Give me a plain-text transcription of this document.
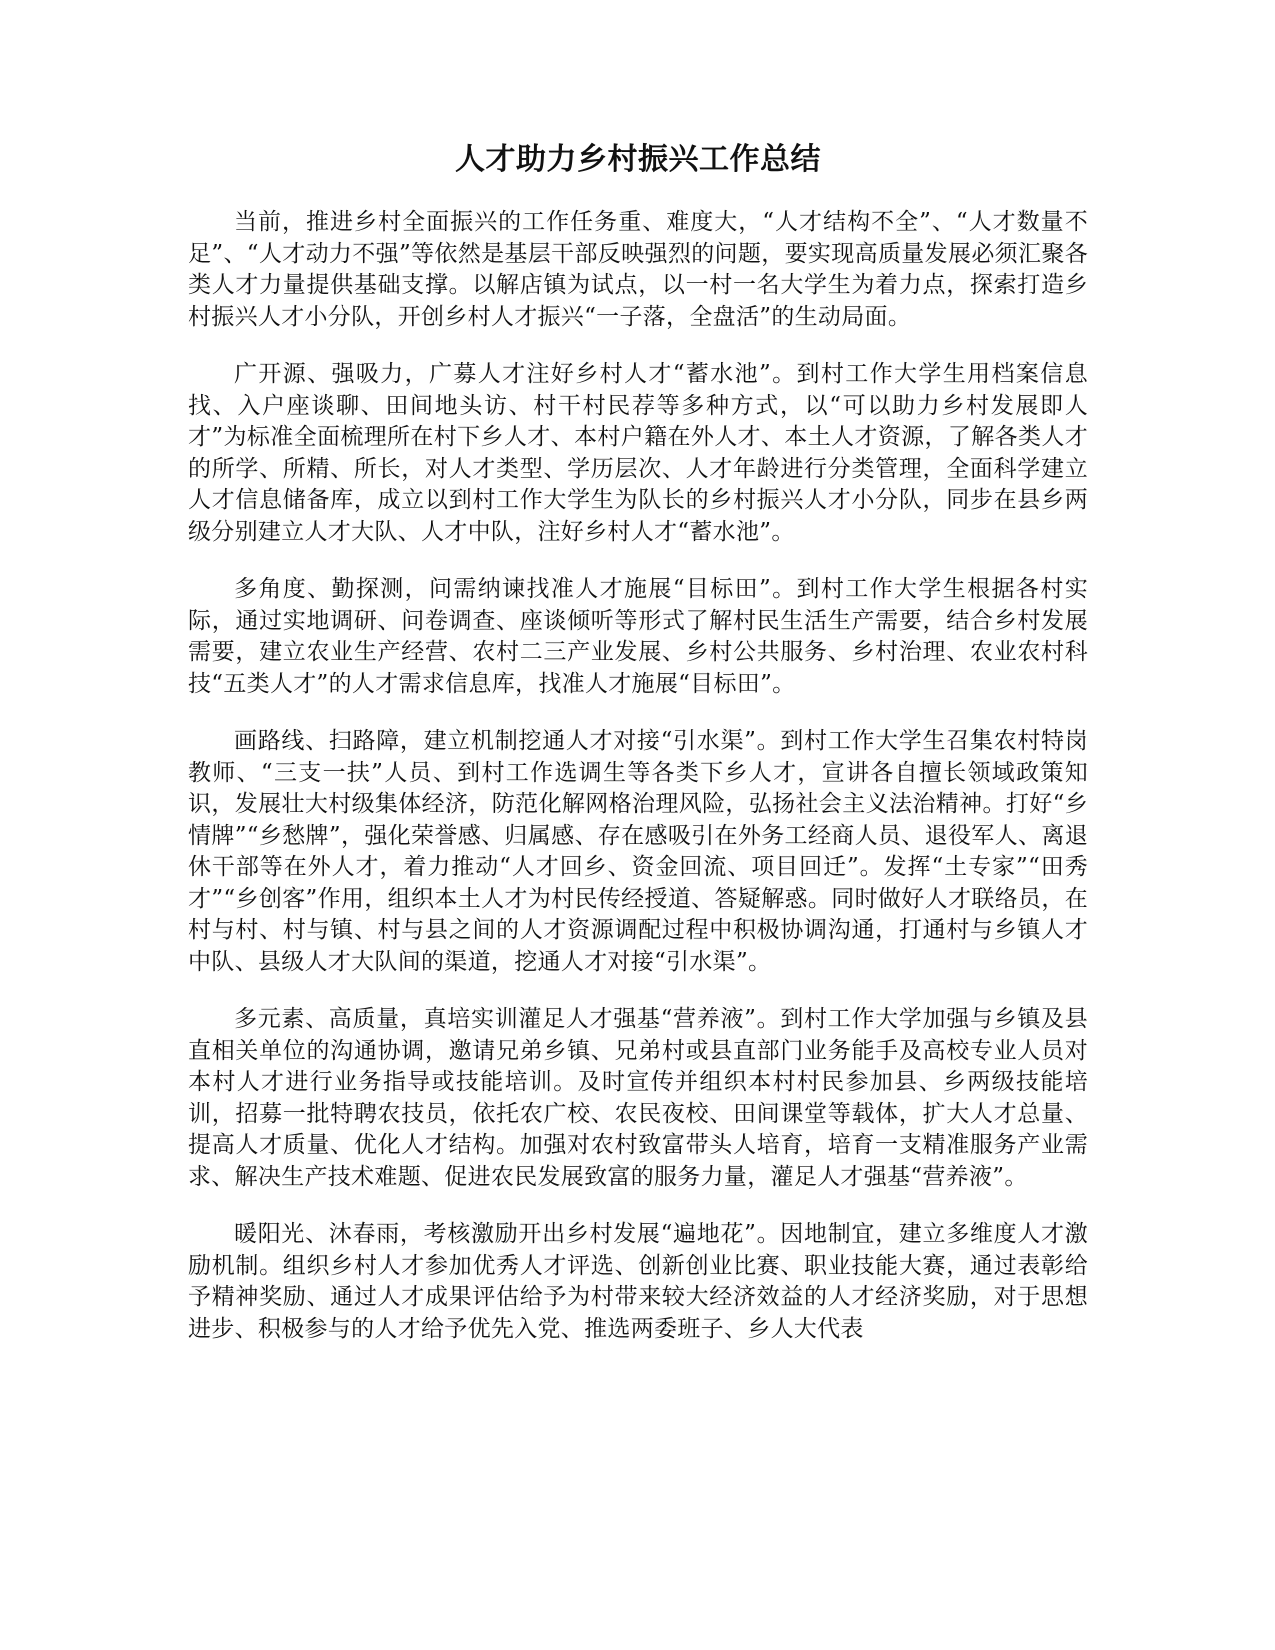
人才助力乡村振兴工作总结

当前，推进乡村全面振兴的工作任务重、难度大，“人才结构不全”、“人才数量不足”、“人才动力不强”等依然是基层干部反映强烈的问题，要实现高质量发展必须汇聚各类人才力量提供基础支撑。以解店镇为试点，以一村一名大学生为着力点，探索打造乡村振兴人才小分队，开创乡村人才振兴“一子落，全盘活”的生动局面。

广开源、强吸力，广募人才注好乡村人才“蓄水池”。到村工作大学生用档案信息找、入户座谈聊、田间地头访、村干村民荐等多种方式，以“可以助力乡村发展即人才”为标准全面梳理所在村下乡人才、本村户籍在外人才、本土人才资源，了解各类人才的所学、所精、所长，对人才类型、学历层次、人才年龄进行分类管理，全面科学建立人才信息储备库，成立以到村工作大学生为队长的乡村振兴人才小分队，同步在县乡两级分别建立人才大队、人才中队，注好乡村人才“蓄水池”。

多角度、勤探测，问需纳谏找准人才施展“目标田”。到村工作大学生根据各村实际，通过实地调研、问卷调查、座谈倾听等形式了解村民生活生产需要，结合乡村发展需要，建立农业生产经营、农村二三产业发展、乡村公共服务、乡村治理、农业农村科技“五类人才”的人才需求信息库，找准人才施展“目标田”。

画路线、扫路障，建立机制挖通人才对接“引水渠”。到村工作大学生召集农村特岗教师、“三支一扶”人员、到村工作选调生等各类下乡人才，宣讲各自擅长领域政策知识，发展壮大村级集体经济，防范化解网格治理风险，弘扬社会主义法治精神。打好“乡情牌”“乡愁牌”，强化荣誉感、归属感、存在感吸引在外务工经商人员、退役军人、离退休干部等在外人才，着力推动“人才回乡、资金回流、项目回迁”。发挥“土专家”“田秀才”“乡创客”作用，组织本土人才为村民传经授道、答疑解惑。同时做好人才联络员，在村与村、村与镇、村与县之间的人才资源调配过程中积极协调沟通，打通村与乡镇人才中队、县级人才大队间的渠道，挖通人才对接“引水渠”。

多元素、高质量，真培实训灌足人才强基“营养液”。到村工作大学加强与乡镇及县直相关单位的沟通协调，邀请兄弟乡镇、兄弟村或县直部门业务能手及高校专业人员对本村人才进行业务指导或技能培训。及时宣传并组织本村村民参加县、乡两级技能培训，招募一批特聘农技员，依托农广校、农民夜校、田间课堂等载体，扩大人才总量、提高人才质量、优化人才结构。加强对农村致富带头人培育，培育一支精准服务产业需求、解决生产技术难题、促进农民发展致富的服务力量，灌足人才强基“营养液”。

暖阳光、沐春雨，考核激励开出乡村发展“遍地花”。因地制宜，建立多维度人才激励机制。组织乡村人才参加优秀人才评选、创新创业比赛、职业技能大赛，通过表彰给予精神奖励、通过人才成果评估给予为村带来较大经济效益的人才经济奖励，对于思想进步、积极参与的人才给予优先入党、推选两委班子、乡人大代表
